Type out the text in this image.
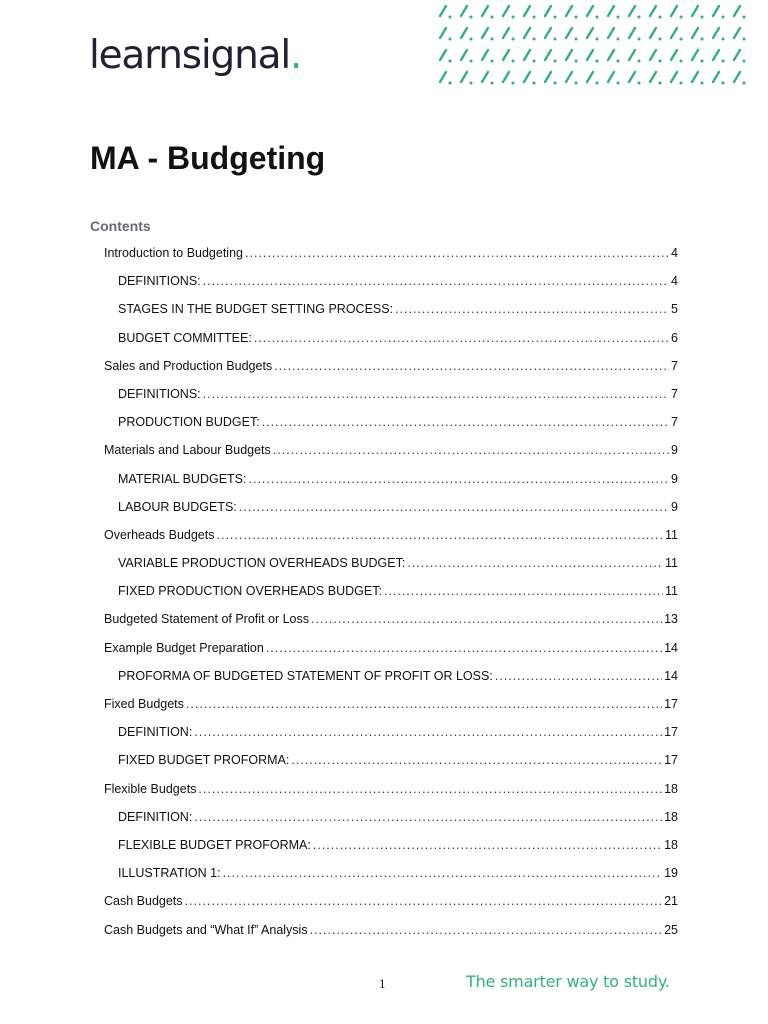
learnsignal.
MA - Budgeting
Contents
Introduction to Budgeting .....	4
DEFINITIONS: .....	4
STAGES IN THE BUDGET SETTING PROCESS: .....	5
BUDGET COMMITTEE: .....	6
Sales and Production Budgets .....	7
DEFINITIONS: .....	7
PRODUCTION BUDGET: .....	7
Materials and Labour Budgets .....	9
MATERIAL BUDGETS: .....	9
LABOUR BUDGETS: .....	9
Overheads Budgets .....	11
VARIABLE PRODUCTION OVERHEADS BUDGET: .....	11
FIXED PRODUCTION OVERHEADS BUDGET: .....	11
Budgeted Statement of Profit or Loss .....	13
Example Budget Preparation .....	14
PROFORMA OF BUDGETED STATEMENT OF PROFIT OR LOSS: .....	14
Fixed Budgets .....	17
DEFINITION: .....	17
FIXED BUDGET PROFORMA: .....	17
Flexible Budgets .....	18
DEFINITION: .....	18
FLEXIBLE BUDGET PROFORMA: .....	18
ILLUSTRATION 1: .....	19
Cash Budgets .....	21
Cash Budgets and “What If” Analysis .....	25
1	The smarter way to study.
